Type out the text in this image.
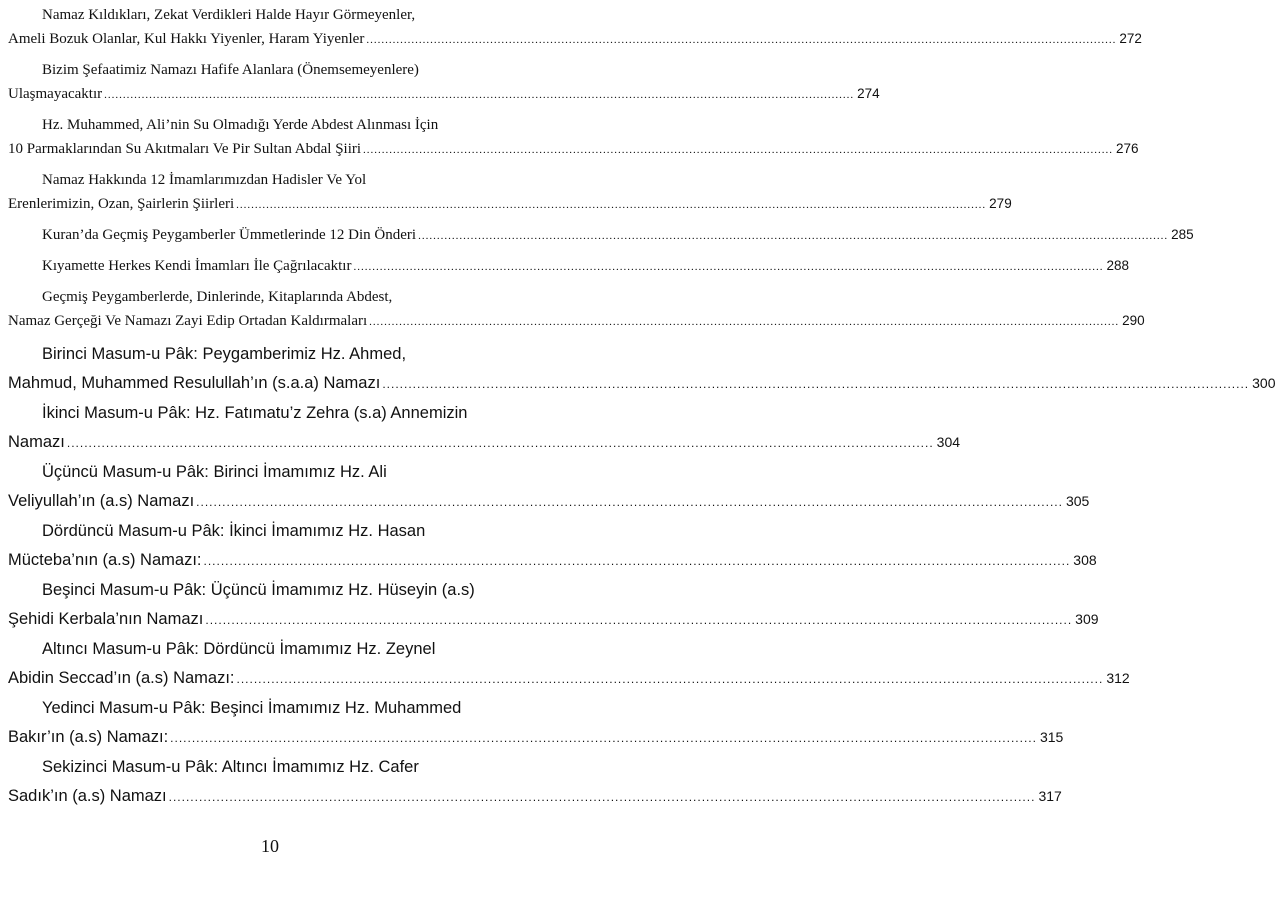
Namaz Kıldıkları, Zekat Verdikleri Halde Hayır Görmeyenler,
Ameli Bozuk Olanlar, Kul Hakkı Yiyenler, Haram Yiyenler ........................................................................................................................................................................................................ 272
Bizim Şefaatimiz Namazı Hafife Alanlara (Önemsemeyenlere)
Ulaşmayacaktır ........................................................................................................................................................................................................ 274
Hz. Muhammed, Ali’nin Su Olmadığı Yerde Abdest Alınması İçin
10 Parmaklarından Su Akıtmaları Ve Pir Sultan Abdal Şiiri ........................................................................................................................................................................................................ 276
Namaz Hakkında 12 İmamlarımızdan Hadisler Ve Yol
Erenlerimizin, Ozan, Şairlerin Şiirleri ........................................................................................................................................................................................................ 279
Kuran’da Geçmiş Peygamberler Ümmetlerinde 12 Din Önderi ........................................................................................................................................................................................................ 285
Kıyamette Herkes Kendi İmamları İle Çağrılacaktır ........................................................................................................................................................................................................ 288
Geçmiş Peygamberlerde, Dinlerinde, Kitaplarında Abdest,
Namaz Gerçeği Ve Namazı Zayi Edip Ortadan Kaldırmaları ........................................................................................................................................................................................................ 290
Birinci Masum-u Pâk: Peygamberimiz Hz. Ahmed,
Mahmud, Muhammed Resulullah’ın (s.a.a) Namazı ........................................................................................................................................................................................................ 300
İkinci Masum-u Pâk: Hz. Fatımatu’z Zehra (s.a) Annemizin
Namazı ........................................................................................................................................................................................................ 304
Üçüncü Masum-u Pâk: Birinci İmamımız Hz. Ali
Veliyullah’ın (a.s) Namazı ........................................................................................................................................................................................................ 305
Dördüncü Masum-u Pâk: İkinci İmamımız Hz. Hasan
Mücteba’nın (a.s) Namazı: ........................................................................................................................................................................................................ 308
Beşinci Masum-u Pâk: Üçüncü İmamımız Hz. Hüseyin (a.s)
Şehidi Kerbala’nın Namazı ........................................................................................................................................................................................................ 309
Altıncı Masum-u Pâk: Dördüncü İmamımız Hz. Zeynel
Abidin Seccad’ın (a.s) Namazı: ........................................................................................................................................................................................................ 312
Yedinci Masum-u Pâk: Beşinci İmamımız Hz. Muhammed
Bakır’ın (a.s) Namazı: ........................................................................................................................................................................................................ 315
Sekizinci Masum-u Pâk: Altıncı İmamımız Hz. Cafer
Sadık’ın (a.s) Namazı ........................................................................................................................................................................................................ 317
10
